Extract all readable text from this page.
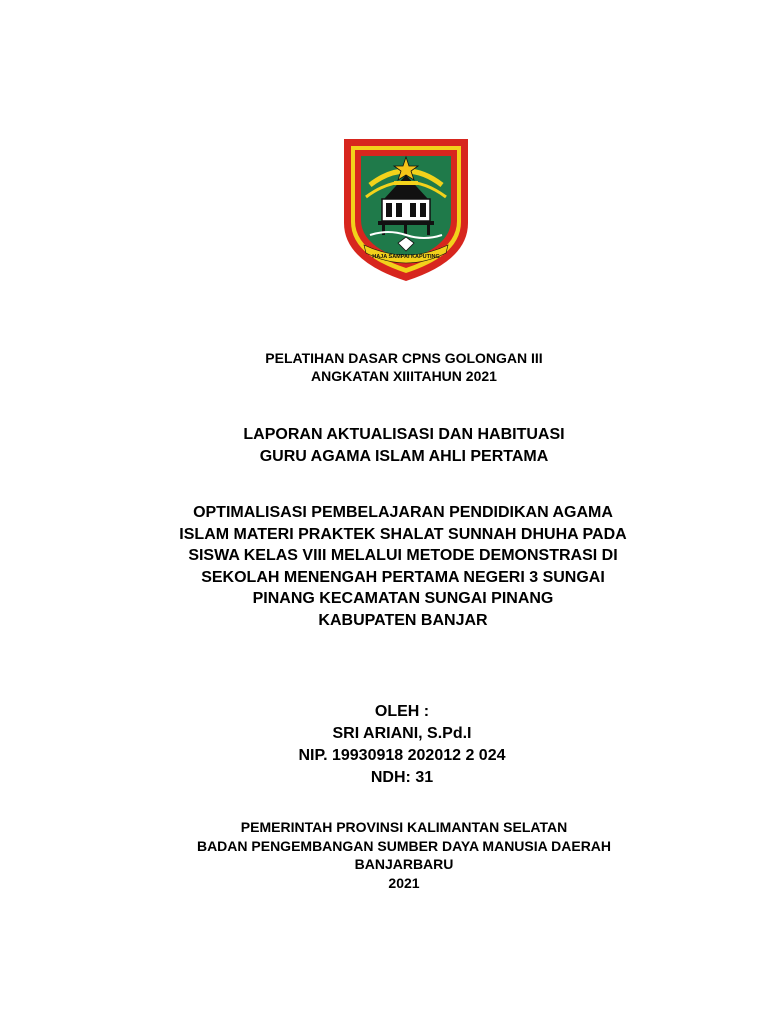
HAJA SAMPAI KAPUTING
PELATIHAN DASAR CPNS GOLONGAN III
ANGKATAN XIIITAHUN 2021
LAPORAN AKTUALISASI DAN HABITUASI
GURU AGAMA ISLAM AHLI PERTAMA
OPTIMALISASI PEMBELAJARAN PENDIDIKAN AGAMA
ISLAM MATERI PRAKTEK SHALAT SUNNAH DHUHA PADA
SISWA KELAS VIII MELALUI METODE DEMONSTRASI DI
SEKOLAH MENENGAH PERTAMA NEGERI 3 SUNGAI
PINANG KECAMATAN SUNGAI PINANG
KABUPATEN BANJAR
OLEH :
SRI ARIANI, S.Pd.I
NIP. 19930918 202012 2 024
NDH: 31
PEMERINTAH PROVINSI KALIMANTAN SELATAN
BADAN PENGEMBANGAN SUMBER DAYA MANUSIA DAERAH
BANJARBARU
2021
